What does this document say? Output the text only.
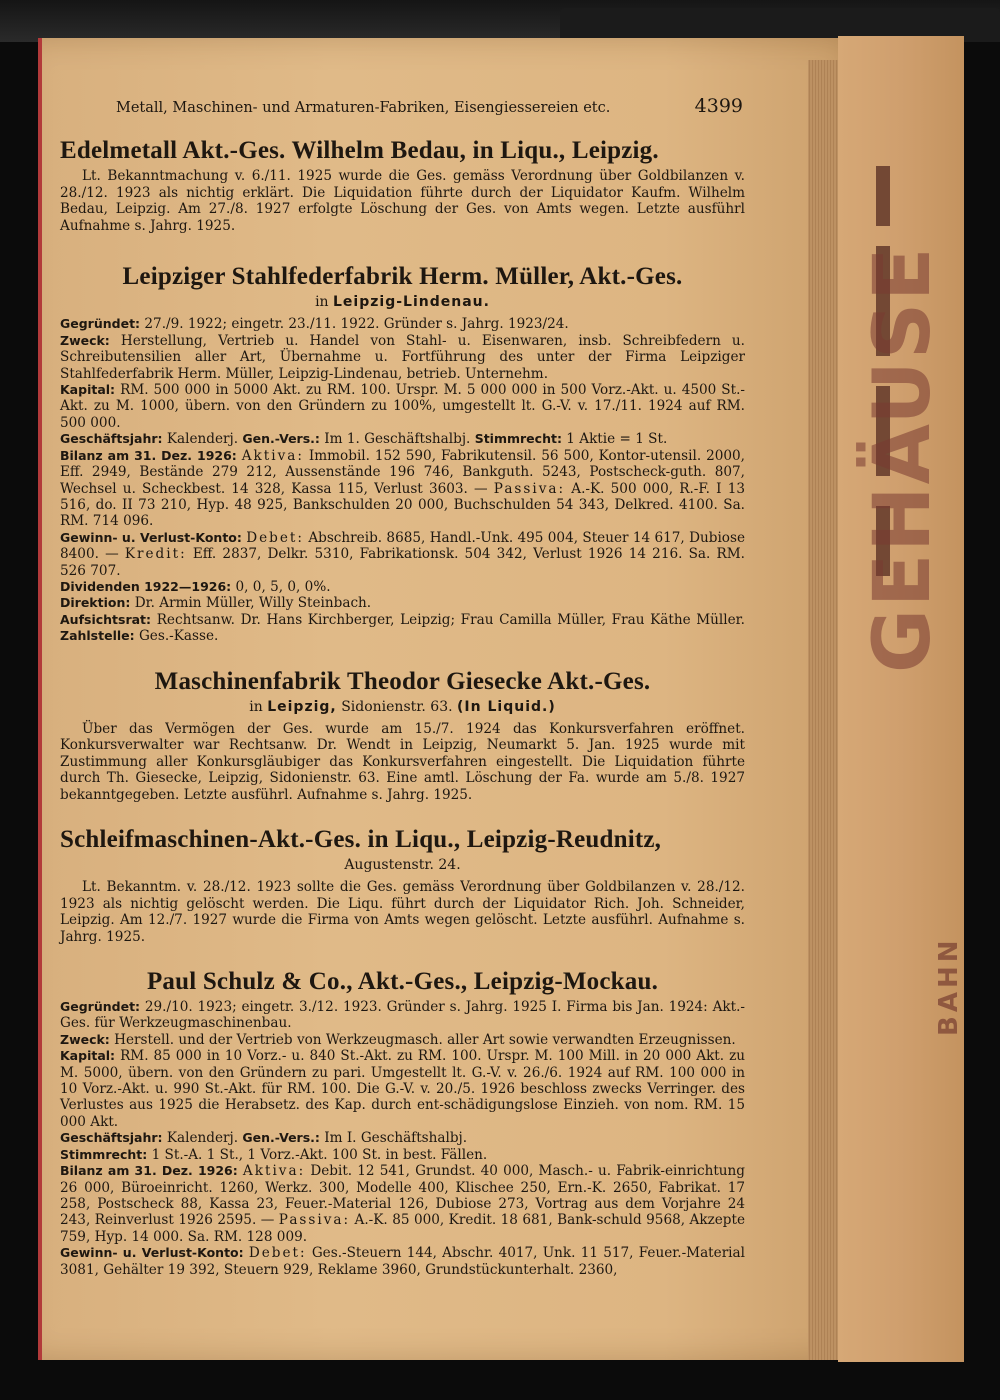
GEHÄUSE
BAHN
Metall, Maschinen- und Armaturen-Fabriken, Eisengiessereien etc.	4399
Edelmetall Akt.-Ges. Wilhelm Bedau, in Liqu., Leipzig.

Lt. Bekanntmachung v. 6./11. 1925 wurde die Ges. gemäss Verordnung über Goldbilanzen v. 28./12. 1923 als nichtig erklärt. Die Liquidation führte durch der Liquidator Kaufm. Wilhelm Bedau, Leipzig. Am 27./8. 1927 erfolgte Löschung der Ges. von Amts wegen. Letzte ausführl Aufnahme s. Jahrg. 1925.

Leipziger Stahlfederfabrik Herm. Müller, Akt.-Ges.
in Leipzig-Lindenau.

Gegründet: 27./9. 1922; eingetr. 23./11. 1922. Gründer s. Jahrg. 1923/24.

Zweck: Herstellung, Vertrieb u. Handel von Stahl- u. Eisenwaren, insb. Schreibfedern u. Schreibutensilien aller Art, Übernahme u. Fortführung des unter der Firma Leipziger Stahlfederfabrik Herm. Müller, Leipzig-Lindenau, betrieb. Unternehm.

Kapital: RM. 500 000 in 5000 Akt. zu RM. 100. Urspr. M. 5 000 000 in 500 Vorz.-Akt. u. 4500 St.-Akt. zu M. 1000, übern. von den Gründern zu 100%, umgestellt lt. G.-V. v. 17./11. 1924 auf RM. 500 000.

Geschäftsjahr: Kalenderj. Gen.-Vers.: Im 1. Geschäftshalbj. Stimmrecht: 1 Aktie = 1 St.

Bilanz am 31. Dez. 1926: Aktiva: Immobil. 152 590, Fabrikutensil. 56 500, Kontor-utensil. 2000, Eff. 2949, Bestände 279 212, Aussenstände 196 746, Bankguth. 5243, Postscheck-guth. 807, Wechsel u. Scheckbest. 14 328, Kassa 115, Verlust 3603. — Passiva: A.-K. 500 000, R.-F. I 13 516, do. II 73 210, Hyp. 48 925, Bankschulden 20 000, Buchschulden 54 343, Delkred. 4100. Sa. RM. 714 096.

Gewinn- u. Verlust-Konto: Debet: Abschreib. 8685, Handl.-Unk. 495 004, Steuer 14 617, Dubiose 8400. — Kredit: Eff. 2837, Delkr. 5310, Fabrikationsk. 504 342, Verlust 1926 14 216. Sa. RM. 526 707.

Dividenden 1922—1926: 0, 0, 5, 0, 0%.

Direktion: Dr. Armin Müller, Willy Steinbach.

Aufsichtsrat: Rechtsanw. Dr. Hans Kirchberger, Leipzig; Frau Camilla Müller, Frau Käthe Müller. Zahlstelle: Ges.-Kasse.

Maschinenfabrik Theodor Giesecke Akt.-Ges.
in Leipzig, Sidonienstr. 63. (In Liquid.)

Über das Vermögen der Ges. wurde am 15./7. 1924 das Konkursverfahren eröffnet. Konkursverwalter war Rechtsanw. Dr. Wendt in Leipzig, Neumarkt 5. Jan. 1925 wurde mit Zustimmung aller Konkursgläubiger das Konkursverfahren eingestellt. Die Liquidation führte durch Th. Giesecke, Leipzig, Sidonienstr. 63. Eine amtl. Löschung der Fa. wurde am 5./8. 1927 bekanntgegeben. Letzte ausführl. Aufnahme s. Jahrg. 1925.

Schleifmaschinen-Akt.-Ges. in Liqu., Leipzig-Reudnitz,
Augustenstr. 24.

Lt. Bekanntm. v. 28./12. 1923 sollte die Ges. gemäss Verordnung über Goldbilanzen v. 28./12. 1923 als nichtig gelöscht werden. Die Liqu. führt durch der Liquidator Rich. Joh. Schneider, Leipzig. Am 12./7. 1927 wurde die Firma von Amts wegen gelöscht. Letzte ausführl. Aufnahme s. Jahrg. 1925.

Paul Schulz & Co., Akt.-Ges., Leipzig-Mockau.

Gegründet: 29./10. 1923; eingetr. 3./12. 1923. Gründer s. Jahrg. 1925 I. Firma bis Jan. 1924: Akt.-Ges. für Werkzeugmaschinenbau.

Zweck: Herstell. und der Vertrieb von Werkzeugmasch. aller Art sowie verwandten Erzeugnissen.

Kapital: RM. 85 000 in 10 Vorz.- u. 840 St.-Akt. zu RM. 100. Urspr. M. 100 Mill. in 20 000 Akt. zu M. 5000, übern. von den Gründern zu pari. Umgestellt lt. G.-V. v. 26./6. 1924 auf RM. 100 000 in 10 Vorz.-Akt. u. 990 St.-Akt. für RM. 100. Die G.-V. v. 20./5. 1926 beschloss zwecks Verringer. des Verlustes aus 1925 die Herabsetz. des Kap. durch ent-schädigungslose Einzieh. von nom. RM. 15 000 Akt.

Geschäftsjahr: Kalenderj. Gen.-Vers.: Im I. Geschäftshalbj.

Stimmrecht: 1 St.-A. 1 St., 1 Vorz.-Akt. 100 St. in best. Fällen.

Bilanz am 31. Dez. 1926: Aktiva: Debit. 12 541, Grundst. 40 000, Masch.- u. Fabrik-einrichtung 26 000, Büroeinricht. 1260, Werkz. 300, Modelle 400, Klischee 250, Ern.-K. 2650, Fabrikat. 17 258, Postscheck 88, Kassa 23, Feuer.-Material 126, Dubiose 273, Vortrag aus dem Vorjahre 24 243, Reinverlust 1926 2595. — Passiva: A.-K. 85 000, Kredit. 18 681, Bank-schuld 9568, Akzepte 759, Hyp. 14 000. Sa. RM. 128 009.

Gewinn- u. Verlust-Konto: Debet: Ges.-Steuern 144, Abschr. 4017, Unk. 11 517, Feuer.-Material 3081, Gehälter 19 392, Steuern 929, Reklame 3960, Grundstückunterhalt. 2360,
